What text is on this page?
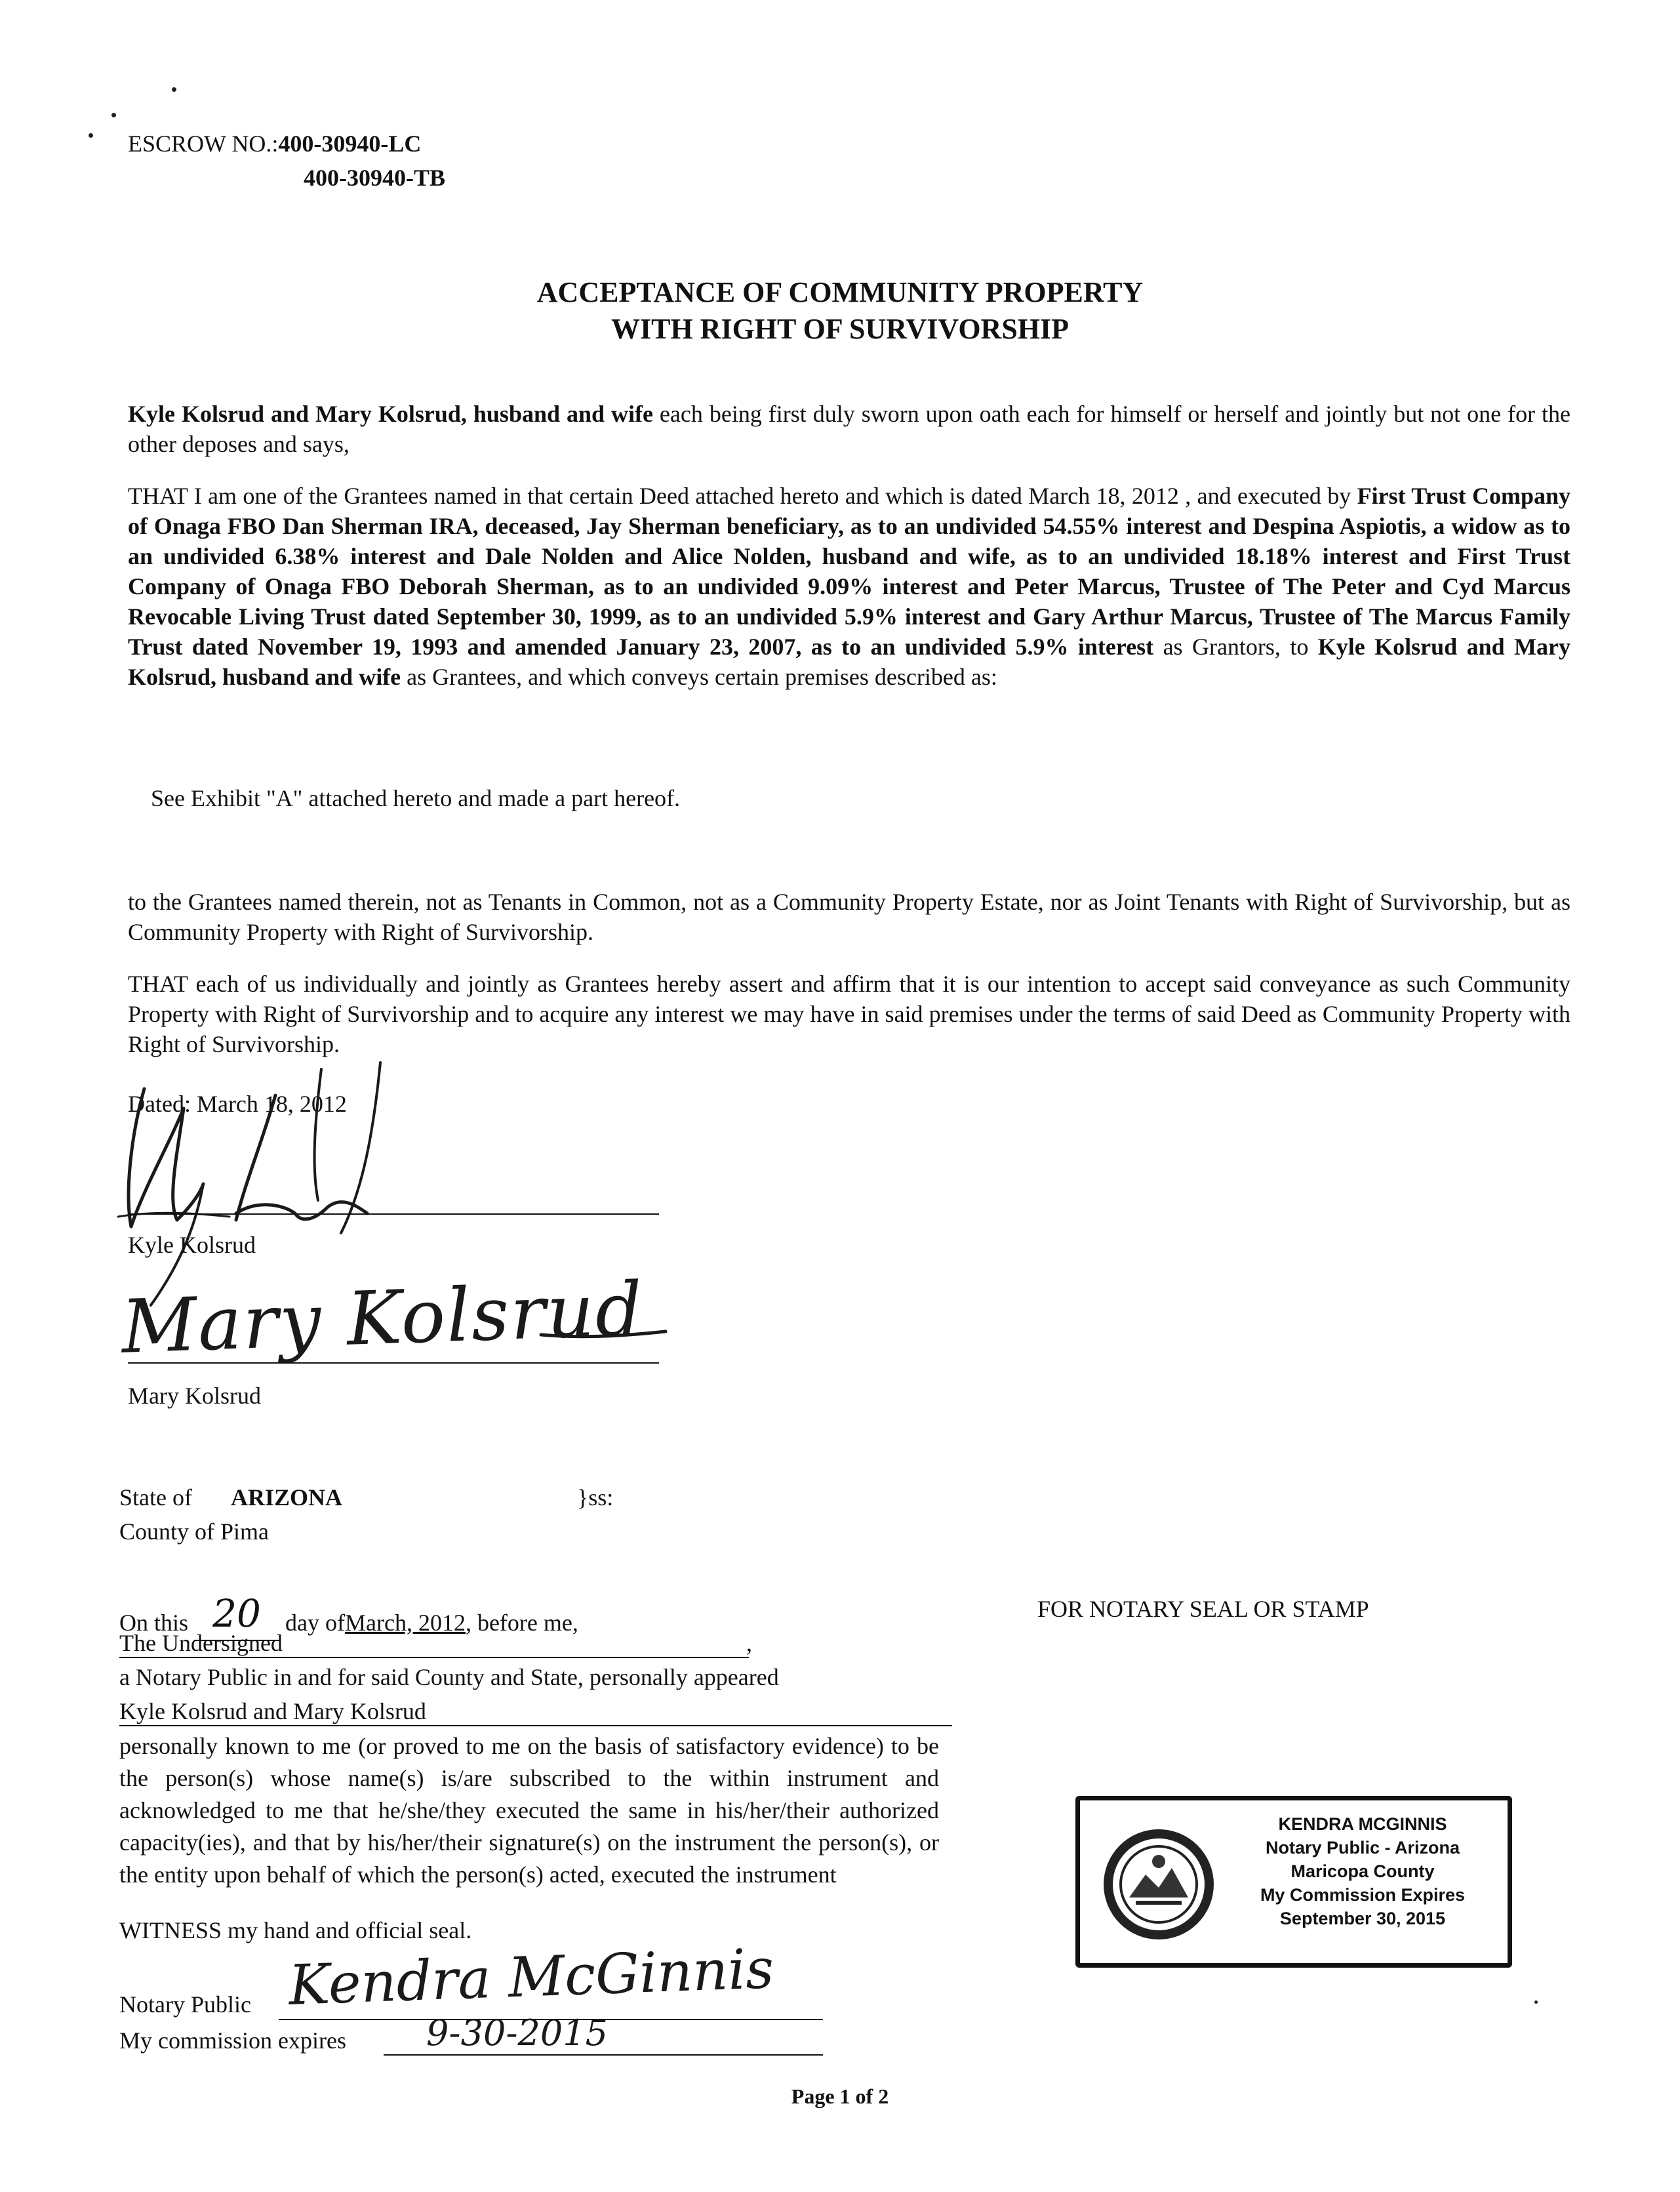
ESCROW NO.:400-30940-LC
400-30940-TB
ACCEPTANCE OF COMMUNITY PROPERTY
WITH RIGHT OF SURVIVORSHIP
Kyle Kolsrud and Mary Kolsrud, husband and wife each being first duly sworn upon oath each for himself or herself and jointly but not one for the other deposes and says,
THAT I am one of the Grantees named in that certain Deed attached hereto and which is dated March 18, 2012 , and executed by First Trust Company of Onaga FBO Dan Sherman IRA, deceased, Jay Sherman beneficiary, as to an undivided 54.55% interest and Despina Aspiotis, a widow as to an undivided 6.38% interest and Dale Nolden and Alice Nolden, husband and wife, as to an undivided 18.18% interest and First Trust Company of Onaga FBO Deborah Sherman, as to an undivided 9.09% interest and Peter Marcus, Trustee of The Peter and Cyd Marcus Revocable Living Trust dated September 30, 1999, as to an undivided 5.9% interest and Gary Arthur Marcus, Trustee of The Marcus Family Trust dated November 19, 1993 and amended January 23, 2007, as to an undivided 5.9% interest as Grantors, to Kyle Kolsrud and Mary Kolsrud, husband and wife as Grantees, and which conveys certain premises described as:
See Exhibit "A" attached hereto and made a part hereof.
to the Grantees named therein, not as Tenants in Common, not as a Community Property Estate, nor as Joint Tenants with Right of Survivorship, but as Community Property with Right of Survivorship.
THAT each of us individually and jointly as Grantees hereby assert and affirm that it is our intention to accept said conveyance as such Community Property with Right of Survivorship and to acquire any interest we may have in said premises under the terms of said Deed as Community Property with Right of Survivorship.
Dated: March 18, 2012
Kyle Kolsrud
Mary Kolsrud
Mary Kolsrud
State of ARIZONA	}ss:
County of Pima
On this 20 day ofMarch, 2012, before me,
The Undersigned	,
a Notary Public in and for said County and State, personally appeared
Kyle Kolsrud and Mary Kolsrud
personally known to me (or proved to me on the basis of satisfactory evidence) to be the person(s) whose name(s) is/are subscribed to the within instrument and acknowledged to me that he/she/they executed the same in his/her/their authorized capacity(ies), and that by his/her/their signature(s) on the instrument the person(s), or the entity upon behalf of which the person(s) acted, executed the instrument
WITNESS my hand and official seal.
Notary Public Kendra McGinnis
My commission expires 9-30-2015
FOR NOTARY SEAL OR STAMP
KENDRA MCGINNIS
Notary Public - Arizona
Maricopa County
My Commission Expires
September 30, 2015
Page 1 of 2
